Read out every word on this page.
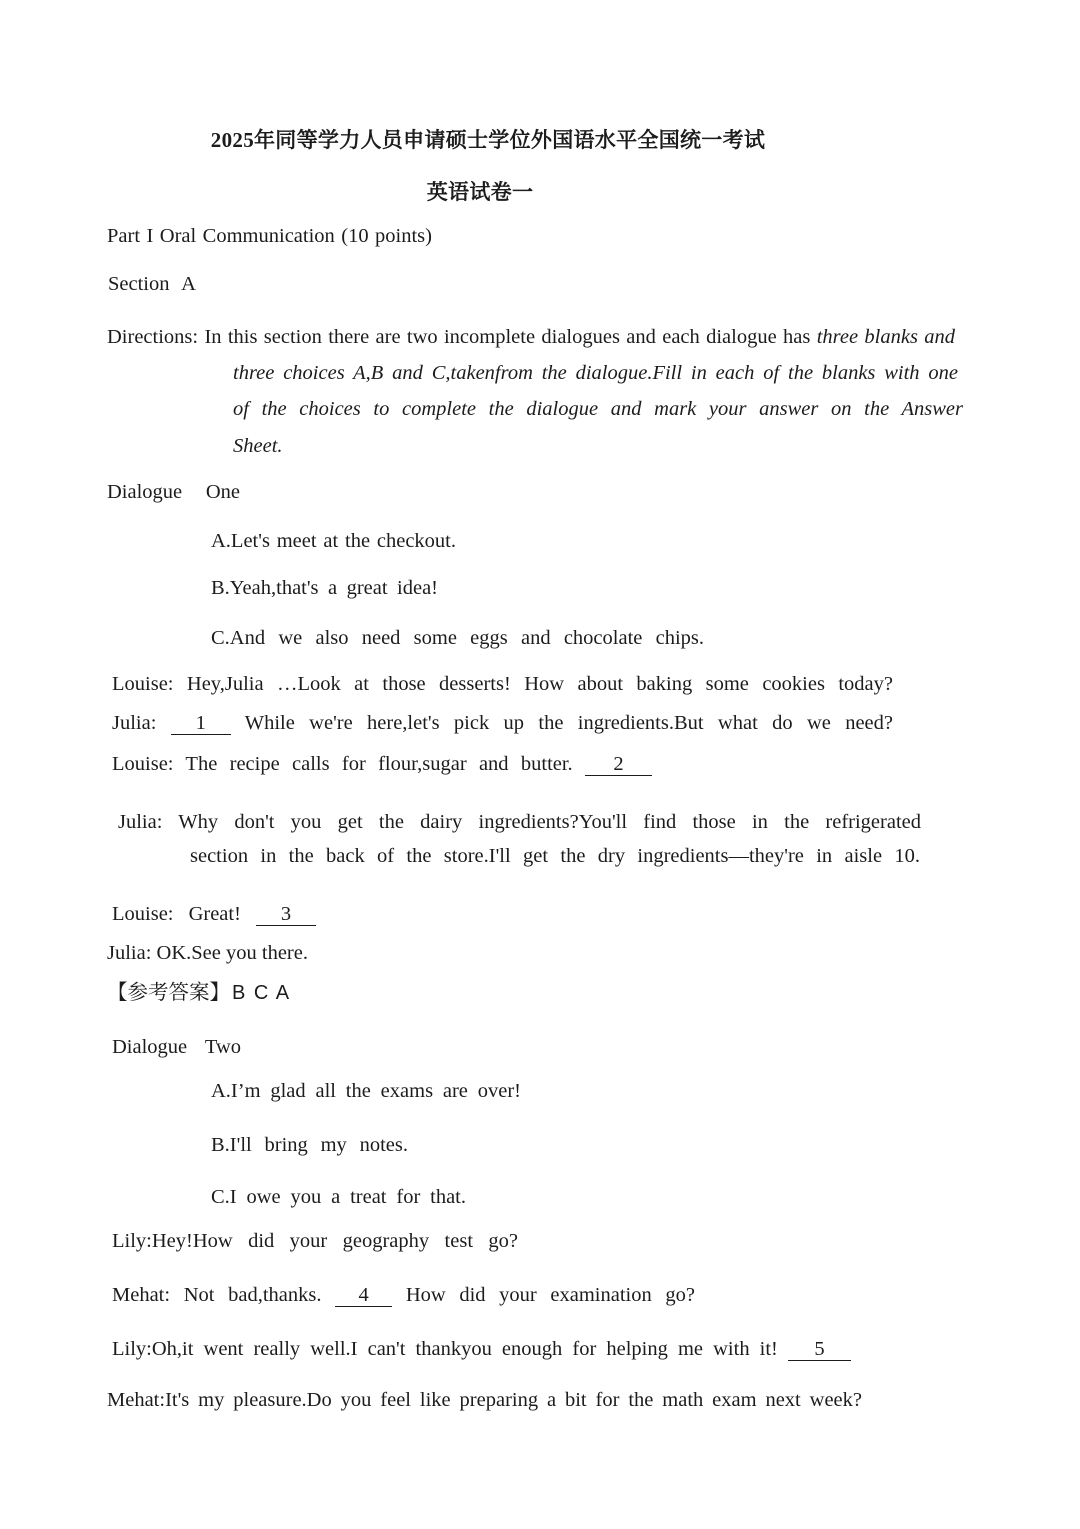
2025年同等学力人员申请硕士学位外国语水平全国统一考试
英语试卷一
Part I Oral Communication (10 points)
Section A
Directions: In this section there are two incomplete dialogues and each dialogue has three blanks and
three choices A,B and C,takenfrom the dialogue.Fill in each of the blanks with one
of the choices to complete the dialogue and mark your answer on the Answer
Sheet.
Dialogue One
A.Let's meet at the checkout.
B.Yeah,that's a great idea!
C.And we also need some eggs and chocolate chips.
Louise: Hey,Julia …Look at those desserts! How about baking some cookies today?
Julia: 1 While we're here,let's pick up the ingredients.But what do we need?
Louise: The recipe calls for flour,sugar and butter. 2
Julia: Why don't you get the dairy ingredients?You'll find those in the refrigerated
section in the back of the store.I'll get the dry ingredients—they're in aisle 10.
Louise: Great! 3
Julia: OK.See you there.
【参考答案】 B C A
Dialogue Two
A.I’m glad all the exams are over!
B.I'll bring my notes.
C.I owe you a treat for that.
Lily:Hey!How did your geography test go?
Mehat: Not bad,thanks. 4 How did your examination go?
Lily:Oh,it went really well.I can't thankyou enough for helping me with it! 5
Mehat:It's my pleasure.Do you feel like preparing a bit for the math exam next week?
